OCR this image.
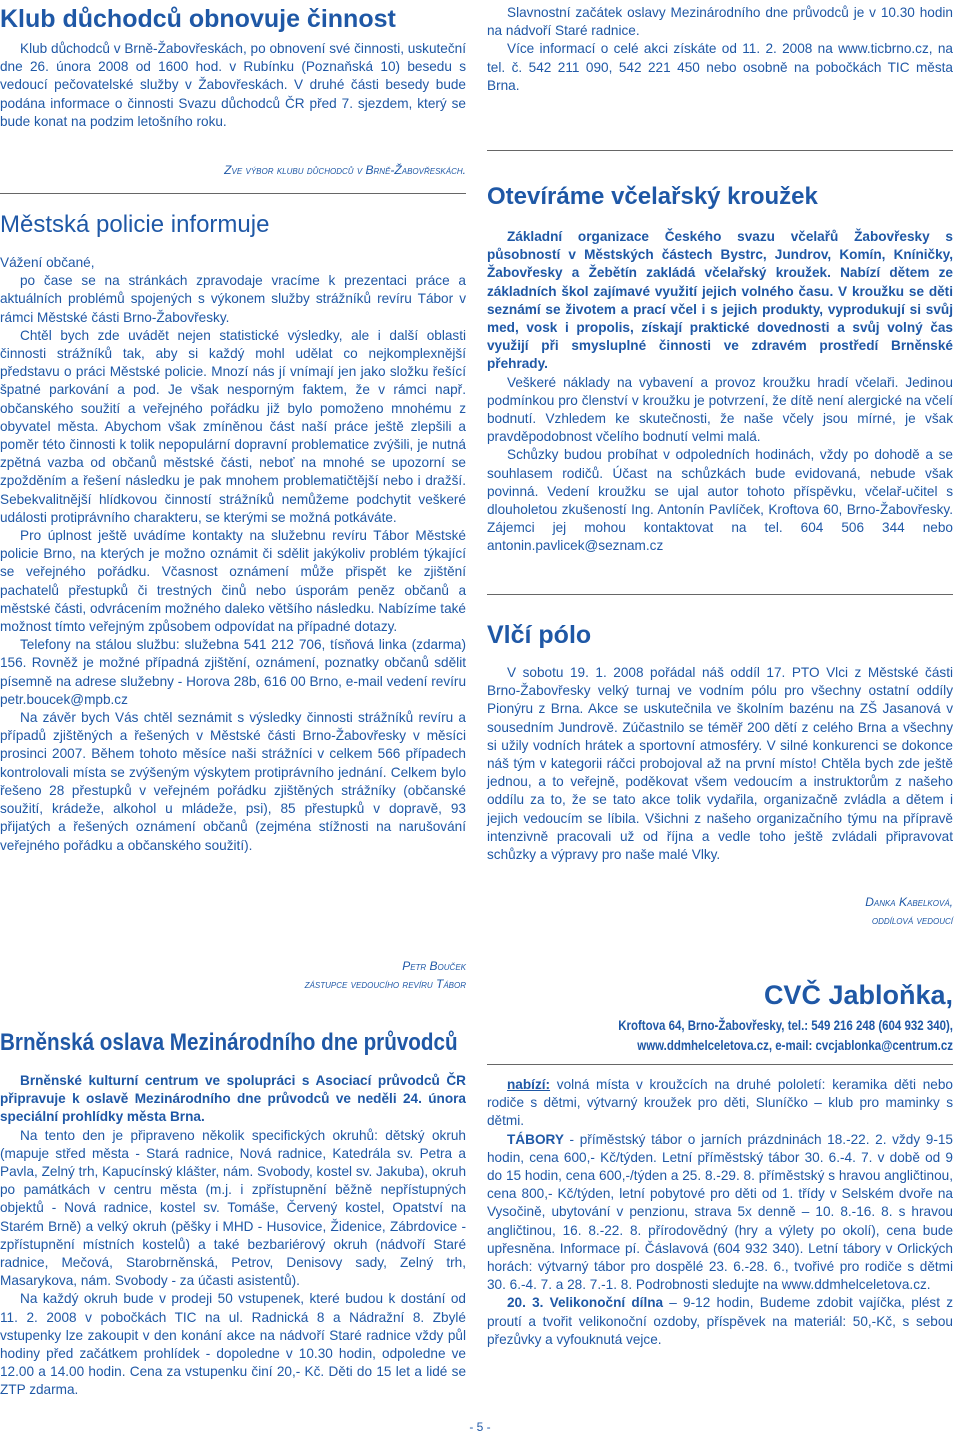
Klub důchodců obnovuje činnost

Klub důchodců v Brně-Žabovřeskách, po obnovení své činnosti, uskuteční dne 26. února 2008 od 1600 hod. v Rubínku (Poznaňská 10) besedu s vedoucí pečovatelské služby v Žabovřeskách. V druhé části besedy bude podána informace o činnosti Svazu důchodců ČR před 7. sjezdem, který se bude konat na podzim letošního roku.

Zve výbor klubu důchodců v Brně-Žabovřeskách.

Městská policie informuje

Vážení občané,

po čase se na stránkách zpravodaje vracíme k prezentaci práce a aktuálních problémů spojených s výkonem služby strážníků revíru Tábor v rámci Městské části Brno-Žabovřesky.

Chtěl bych zde uvádět nejen statistické výsledky, ale i další oblasti činnosti strážníků tak, aby si každý mohl udělat co nejkomplexnější představu o práci Městské policie. Mnozí nás jí vnímají jen jako složku řešící špatné parkování a pod. Je však nesporným faktem, že v rámci např. občanského soužití a veřejného pořádku již bylo pomoženo mnohému z obyvatel města. Abychom však zmíněnou část naší práce ještě zlepšili a poměr této činnosti k tolik nepopulární dopravní problematice zvýšili, je nutná zpětná vazba od občanů městské části, neboť na mnohé se upozorní se zpožděním a řešení následku je pak mnohem problematičtější nebo i dražší. Sebekvalitnější hlídkovou činností strážníků nemůžeme podchytit veškeré události protiprávního charakteru, se kterými se možná potkáváte.

Pro úplnost ještě uvádíme kontakty na služebnu revíru Tábor Městské policie Brno, na kterých je možno oznámit či sdělit jakýkoliv problém týkající se veřejného pořádku. Včasnost oznámení může přispět ke zjištění pachatelů přestupků či trestných činů nebo úsporám peněz občanů a městské části, odvrácením možného daleko většího následku. Nabízíme také možnost tímto veřejným způsobem odpovídat na případné dotazy.

Telefony na stálou službu: služebna 541 212 706, tísňová linka (zdarma) 156. Rovněž je možné případná zjištění, oznámení, poznatky občanů sdělit písemně na adrese služebny - Horova 28b, 616 00 Brno, e-mail vedení revíru petr.boucek@mpb.cz

Na závěr bych Vás chtěl seznámit s výsledky činnosti strážníků revíru a případů zjištěných a řešených v Městské části Brno-Žabovřesky v měsíci prosinci 2007. Během tohoto měsíce naši strážníci v celkem 566 případech kontrolovali místa se zvýšeným výskytem protiprávního jednání. Celkem bylo řešeno 28 přestupků v veřejném pořádku zjištěných strážníky (občanské soužití, krádeže, alkohol u mládeže, psi), 85 přestupků v dopravě, 93 přijatých a řešených oznámení občanů (zejména stížnosti na narušování veřejného pořádku a občanského soužití).

Petr Bouček

zástupce vedoucího revíru Tábor

Brněnská oslava Mezinárodního dne průvodců

Brněnské kulturní centrum ve spolupráci s Asociací průvodců ČR připravuje k oslavě Mezinárodního dne průvodců ve neděli 24. února speciální prohlídky města Brna.

Na tento den je připraveno několik specifických okruhů: dětský okruh (mapuje střed města - Stará radnice, Nová radnice, Katedrála sv. Petra a Pavla, Zelný trh, Kapucínský klášter, nám. Svobody, kostel sv. Jakuba), okruh po památkách v centru města (m.j. i zpřístupnění běžně nepřístupných objektů - Nová radnice, kostel sv. Tomáše, Červený kostel, Opatství na Starém Brně) a velký okruh (pěšky i MHD - Husovice, Židenice, Zábrdovice - zpřístupnění místních kostelů) a také bezbariérový okruh (nádvoří Staré radnice, Mečová, Starobrněnská, Petrov, Denisovy sady, Zelný trh, Masarykova, nám. Svobody - za účasti asistentů).

Na každý okruh bude v prodeji 50 vstupenek, které budou k dostání od 11. 2. 2008 v pobočkách TIC na ul. Radnická 8 a Nádražní 8. Zbylé vstupenky lze zakoupit v den konání akce na nádvoří Staré radnice vždy půl hodiny před začátkem prohlídek - dopoledne v 10.30 hodin, odpoledne ve 12.00 a 14.00 hodin. Cena za vstupenku činí 20,- Kč. Děti do 15 let a lidé se ZTP zdarma.

Slavnostní začátek oslavy Mezinárodního dne průvodců je v 10.30 hodin na nádvoří Staré radnice.

Více informací o celé akci získáte od 11. 2. 2008 na www.ticbrno.cz, na tel. č. 542 211 090, 542 221 450 nebo osobně na pobočkách TIC města Brna.

Otevíráme včelařský kroužek

Základní organizace Českého svazu včelařů Žabovřesky s působností v Městských částech Bystrc, Jundrov, Komín, Kníničky, Žabovřesky a Žebětín zakládá včelařský kroužek. Nabízí dětem ze základních škol zajímavé využití jejich volného času. V kroužku se děti seznámí se životem a prací včel i s jejich produkty, vyprodukují si svůj med, vosk i propolis, získají praktické dovednosti a svůj volný čas využijí při smysluplné činnosti ve zdravém prostředí Brněnské přehrady.

Veškeré náklady na vybavení a provoz kroužku hradí včelaři. Jedinou podmínkou pro členství v kroužku je potvrzení, že dítě není alergické na včelí bodnutí. Vzhledem ke skutečnosti, že naše včely jsou mírné, je však pravděpodobnost včelího bodnutí velmi malá.

Schůzky budou probíhat v odpoledních hodinách, vždy po dohodě a se souhlasem rodičů. Účast na schůzkách bude evidovaná, nebude však povinná. Vedení kroužku se ujal autor tohoto příspěvku, včelař-učitel s dlouholetou zkušeností Ing. Antonín Pavlíček, Kroftova 60, Brno-Žabovřesky. Zájemci jej mohou kontaktovat na tel. 604 506 344 nebo antonin.pavlicek@seznam.cz

Vlčí pólo

V sobotu 19. 1. 2008 pořádal náš oddíl 17. PTO Vlci z Městské části Brno-Žabovřesky velký turnaj ve vodním pólu pro všechny ostatní oddíly Pionýru z Brna. Akce se uskutečnila ve školním bazénu na ZŠ Jasanová v sousedním Jundrově. Zúčastnilo se téměř 200 dětí z celého Brna a všechny si užily vodních hrátek a sportovní atmosféry. V silné konkurenci se dokonce náš tým v kategorii ráčci probojoval až na první místo! Chtěla bych zde ještě jednou, a to veřejně, poděkovat všem vedoucím a instruktorům z našeho oddílu za to, že se tato akce tolik vydařila, organizačně zvládla a dětem i jejich vedoucím se líbila. Všichni z našeho organizačního týmu na přípravě intenzivně pracovali už od října a vedle toho ještě zvládali připravovat schůzky a výpravy pro naše malé Vlky.

Danka Kabelková,

oddílová vedoucí

CVČ Jabloňka,

Kroftova 64, Brno-Žabovřesky, tel.: 549 216 248 (604 932 340),

www.ddmhelceletova.cz, e-mail: cvcjablonka@centrum.cz

nabízí: volná místa v kroužcích na druhé pololetí: keramika děti nebo rodiče s dětmi, výtvarný kroužek pro děti, Sluníčko – klub pro maminky s dětmi.

TÁBORY - příměstský tábor o jarních prázdninách 18.-22. 2. vždy 9-15 hodin, cena 600,- Kč/týden. Letní příměstský tábor 30. 6.-4. 7. v době od 9 do 15 hodin, cena 600,-/týden a 25. 8.-29. 8. příměstský s hravou angličtinou, cena 800,- Kč/týden, letní pobytové pro děti od 1. třídy v Selském dvoře na Vysočině, ubytování v penzionu, strava 5x denně – 10. 8.-16. 8. s hravou angličtinou, 16. 8.-22. 8. přírodovědný (hry a výlety po okolí), cena bude upřesněna. Informace pí. Čáslavová (604 932 340). Letní tábory v Orlických horách: výtvarný tábor pro dospělé 23. 6.-28. 6., tvořivé pro rodiče s dětmi 30. 6.-4. 7. a 28. 7.-1. 8. Podrobnosti sledujte na www.ddmhelceletova.cz.

20. 3. Velikonoční dílna – 9-12 hodin, Budeme zdobit vajíčka, plést z proutí a tvořit velikonoční ozdoby, příspěvek na materiál: 50,-Kč, s sebou přezůvky a vyfouknutá vejce.

- 5 -
